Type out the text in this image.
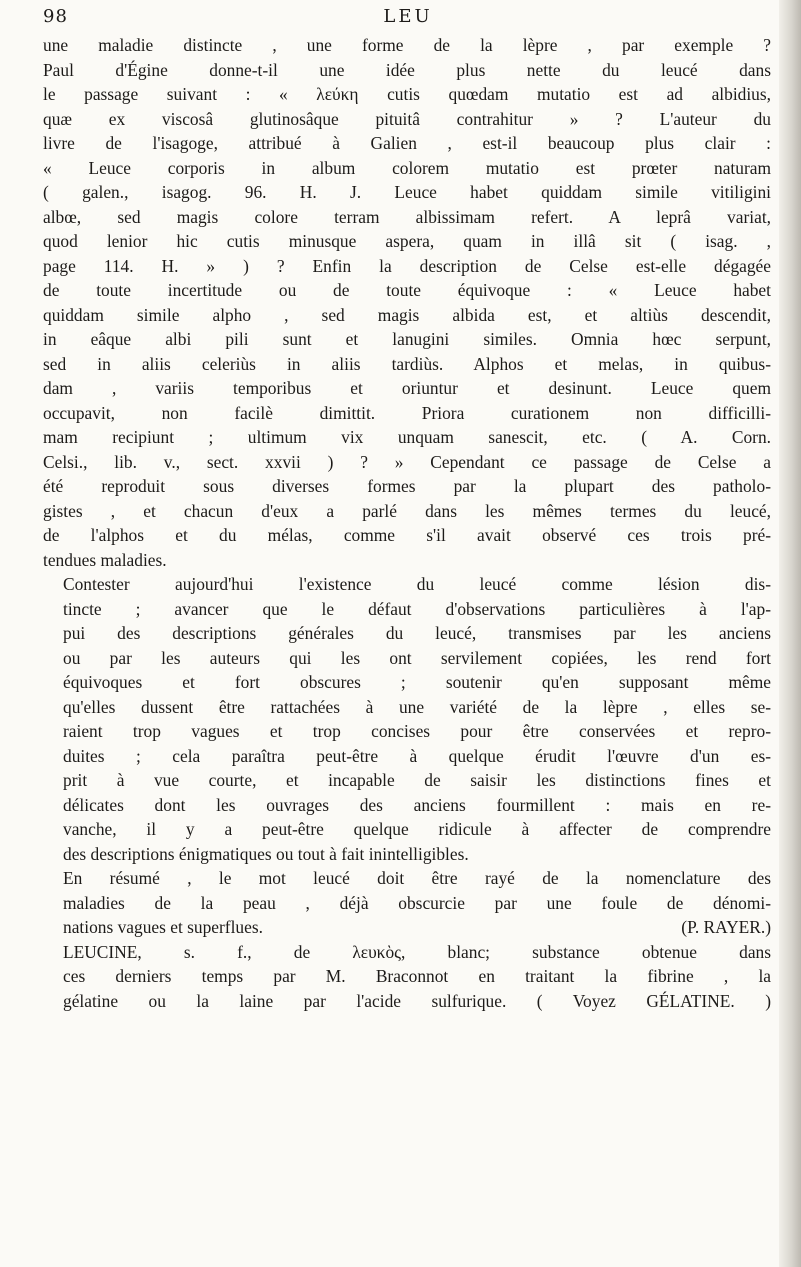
98	LEU

une maladie distincte , une forme de la lèpre , par exemple ?
Paul d'Égine donne-t-il une idée plus nette du leucé dans
le passage suivant : « λεύκη cutis quœdam mutatio est ad albidius,
quæ ex viscosâ glutinosâque pituitâ contrahitur » ? L'auteur du
livre de l'isagoge, attribué à Galien , est-il beaucoup plus clair :
« Leuce corporis in album colorem mutatio est prœter naturam
( galen., isagog. 96. H. J. Leuce habet quiddam simile vitiligini
albœ, sed magis colore terram albissimam refert. A leprâ variat,
quod lenior hic cutis minusque aspera, quam in illâ sit ( isag. ,
page 114. H. » ) ? Enfin la description de Celse est-elle dégagée
de toute incertitude ou de toute équivoque : « Leuce habet
quiddam simile alpho , sed magis albida est, et altiùs descendit,
in eâque albi pili sunt et lanugini similes. Omnia hœc serpunt,
sed in aliis celeriùs in aliis tardiùs. Alphos et melas, in quibus-
dam , variis temporibus et oriuntur et desinunt. Leuce quem
occupavit, non facilè dimittit. Priora curationem non difficilli-
mam recipiunt ; ultimum vix unquam sanescit, etc. ( A. Corn.
Celsi., lib. v., sect. xxvii ) ? » Cependant ce passage de Celse a
été reproduit sous diverses formes par la plupart des patholo-
gistes , et chacun d'eux a parlé dans les mêmes termes du leucé,
de l'alphos et du mélas, comme s'il avait observé ces trois pré-
tendues maladies.

Contester aujourd'hui l'existence du leucé comme lésion dis-
tincte ; avancer que le défaut d'observations particulières à l'ap-
pui des descriptions générales du leucé, transmises par les anciens
ou par les auteurs qui les ont servilement copiées, les rend fort
équivoques et fort obscures ; soutenir qu'en supposant même
qu'elles dussent être rattachées à une variété de la lèpre , elles se-
raient trop vagues et trop concises pour être conservées et repro-
duites ; cela paraîtra peut-être à quelque érudit l'œuvre d'un es-
prit à vue courte, et incapable de saisir les distinctions fines et
délicates dont les ouvrages des anciens fourmillent : mais en re-
vanche, il y a peut-être quelque ridicule à affecter de comprendre
des descriptions énigmatiques ou tout à fait inintelligibles.

En résumé , le mot leucé doit être rayé de la nomenclature des
maladies de la peau , déjà obscurcie par une foule de dénomi-
nations vagues et superflues.	(P. RAYER.)

LEUCINE, s. f., de λευκὸς, blanc; substance obtenue dans
ces derniers temps par M. Braconnot en traitant la fibrine , la
gélatine ou la laine par l'acide sulfurique. ( Voyez GÉLATINE. )
